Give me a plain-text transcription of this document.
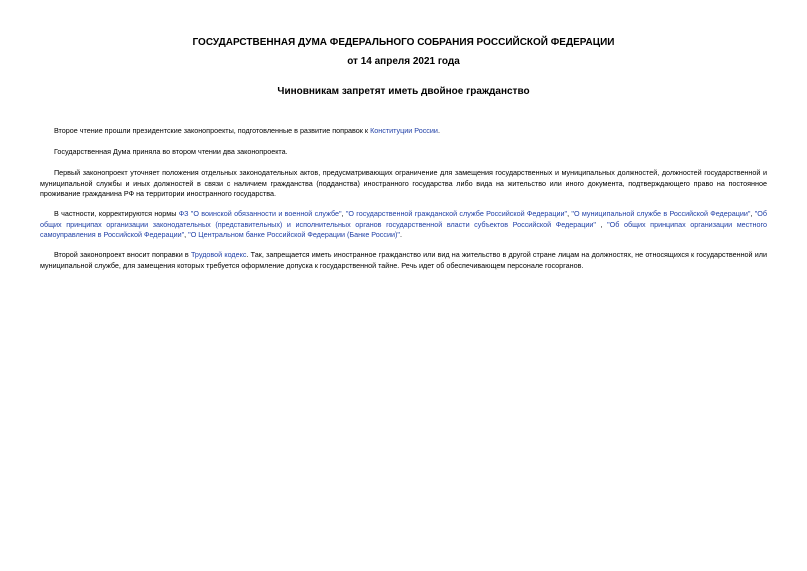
ГОСУДАРСТВЕННАЯ ДУМА ФЕДЕРАЛЬНОГО СОБРАНИЯ РОССИЙСКОЙ ФЕДЕРАЦИИ
от 14 апреля 2021 года
Чиновникам запретят иметь двойное гражданство

Второе чтение прошли президентские законопроекты, подготовленные в развитие поправок к Конституции России.

Государственная Дума приняла во втором чтении два законопроекта.

Первый законопроект уточняет положения отдельных законодательных актов, предусматривающих ограничение для замещения государственных и муниципальных должностей, должностей государственной и муниципальной службы и иных должностей в связи с наличием гражданства (подданства) иностранного государства либо вида на жительство или иного документа, подтверждающего право на постоянное проживание гражданина РФ на территории иностранного государства.

В частности, корректируются нормы ФЗ "О воинской обязанности и военной службе", "О государственной гражданской службе Российской Федерации", "О муниципальной службе в Российской Федерации", "Об общих принципах организации законодательных (представительных) и исполнительных органов государственной власти субъектов Российской Федерации" , "Об общих принципах организации местного самоуправления в Российской Федерации", "О Центральном банке Российской Федерации (Банке России)".

Второй законопроект вносит поправки в Трудовой кодекс. Так, запрещается иметь иностранное гражданство или вид на жительство в другой стране лицам на должностях, не относящихся к государственной или муниципальной службе, для замещения которых требуется оформление допуска к государственной тайне. Речь идет об обеспечивающем персонале госорганов.
